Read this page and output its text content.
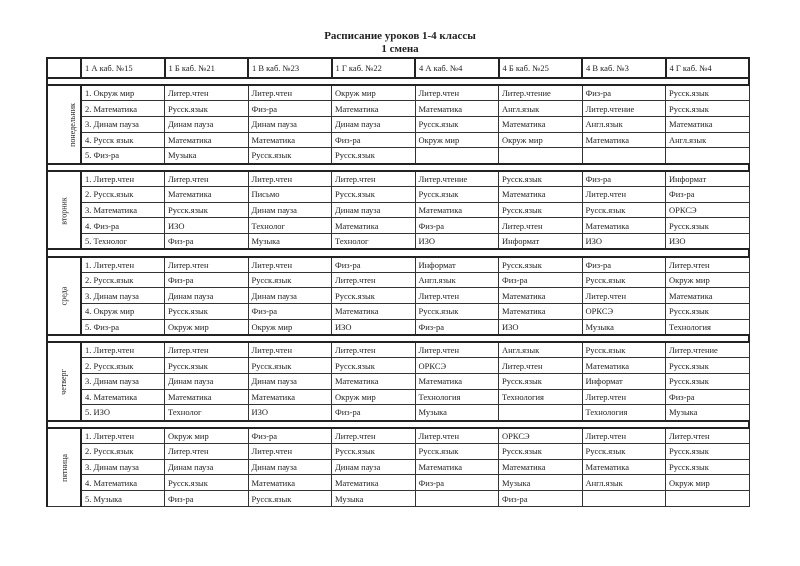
Расписание уроков 1-4 классы
1 смена
	1 А каб. №15	1 Б каб. №21	1 В каб. №23	1 Г каб. №22	4 А каб. №4	4 Б каб. №25	4 В каб. №3	4 Г каб. №4

понедельник	1. Окруж мир	Литер.чтен	Литер.чтен	Окруж мир	Литер.чтен	Литер.чтение	Физ-ра	Русск.язык
	2. Математика	Русск.язык	Физ-ра	Математика	Математика	Англ.язык	Литер.чтение	Русск.язык
	3. Динам пауза	Динам пауза	Динам пауза	Динам пауза	Русск.язык	Математика	Англ.язык	Математика
	4. Русск язык	Математика	Математика	Физ-ра	Окруж мир	Окруж мир	Математика	Англ.язык
	5. Физ-ра	Музыка	Русск.язык	Русск.язык				

вторник	1. Литер.чтен	Литер.чтен	Литер.чтен	Литер.чтен	Литер.чтение	Русск.язык	Физ-ра	Информат
	2. Русск.язык	Математика	Письмо	Русск.язык	Русск.язык	Математика	Литер.чтен	Физ-ра
	3. Математика	Русск.язык	Динам пауза	Динам пауза	Математика	Русск.язык	Русск.язык	ОРКСЭ
	4. Физ-ра	ИЗО	Технолог	Математика	Физ-ра	Литер.чтен	Математика	Русск.язык
	5. Технолог	Физ-ра	Музыка	Технолог	ИЗО	Информат	ИЗО	ИЗО

среда	1. Литер.чтен	Литер.чтен	Литер.чтен	Физ-ра	Информат	Русск.язык	Физ-ра	Литер.чтен
	2. Русск.язык	Физ-ра	Русск.язык	Литер.чтен	Англ.язык	Физ-ра	Русск.язык	Окруж мир
	3. Динам пауза	Динам пауза	Динам пауза	Русск.язык	Литер.чтен	Математика	Литер.чтен	Математика
	4. Окруж мир	Русск.язык	Физ-ра	Математика	Русск.язык	Математика	ОРКСЭ	Русск.язык
	5. Физ-ра	Окруж мир	Окруж мир	ИЗО	Физ-ра	ИЗО	Музыка	Технология

четверг	1. Литер.чтен	Литер.чтен	Литер.чтен	Литер.чтен	Литер.чтен	Англ.язык	Русск.язык	Литер.чтение
	2. Русск.язык	Русск.язык	Русск.язык	Русск.язык	ОРКСЭ	Литер.чтен	Математика	Русск.язык
	3. Динам пауза	Динам пауза	Динам пауза	Математика	Математика	Русск.язык	Информат	Русск.язык
	4. Математика	Математика	Математика	Окруж мир	Технология	Технология	Литер.чтен	Физ-ра
	5. ИЗО	Технолог	ИЗО	Физ-ра	Музыка		Технология	Музыка

пятница	1. Литер.чтен	Окруж мир	Физ-ра	Литер.чтен	Литер.чтен	ОРКСЭ	Литер.чтен	Литер.чтен
	2. Русск.язык	Литер.чтен	Литер.чтен	Русск.язык	Русск.язык	Русск.язык	Русск.язык	Русск.язык
	3. Динам пауза	Динам пауза	Динам пауза	Динам пауза	Математика	Математика	Математика	Русск.язык
	4. Математика	Русск.язык	Математика	Математика	Физ-ра	Музыка	Англ.язык	Окруж мир
	5. Музыка	Физ-ра	Русск.язык	Музыка		Физ-ра		
